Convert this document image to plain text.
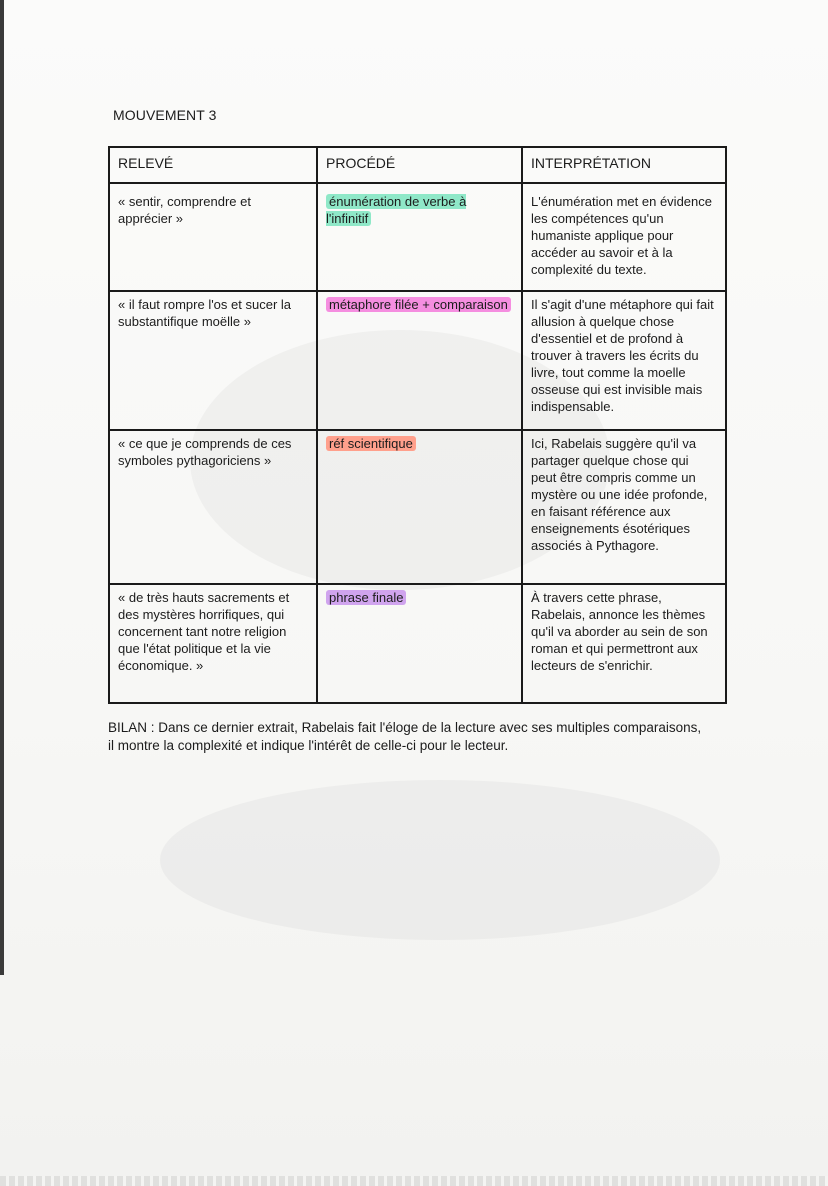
MOUVEMENT 3
RELEVÉ	PROCÉDÉ	INTERPRÉTATION
« sentir, comprendre et apprécier »	énumération de verbe à l'infinitif	L'énumération met en évidence les compétences qu'un humaniste applique pour accéder au savoir et à la complexité du texte.
« il faut rompre l'os et sucer la substantifique moëlle »	métaphore filée + comparaison	Il s'agit d'une métaphore qui fait allusion à quelque chose d'essentiel et de profond à trouver à travers les écrits du livre, tout comme la moelle osseuse qui est invisible mais indispensable.
« ce que je comprends de ces symboles pythagoriciens »	réf scientifique	Ici, Rabelais suggère qu'il va partager quelque chose qui peut être compris comme un mystère ou une idée profonde, en faisant référence aux enseignements ésotériques associés à Pythagore.
« de très hauts sacrements et des mystères horrifiques, qui concernent tant notre religion que l'état politique et la vie économique. »	phrase finale	À travers cette phrase, Rabelais, annonce les thèmes qu'il va aborder au sein de son roman et qui permettront aux lecteurs de s'enrichir.
BILAN : Dans ce dernier extrait, Rabelais fait l'éloge de la lecture avec ses multiples comparaisons, il montre la complexité et indique l'intérêt de celle-ci pour le lecteur.
